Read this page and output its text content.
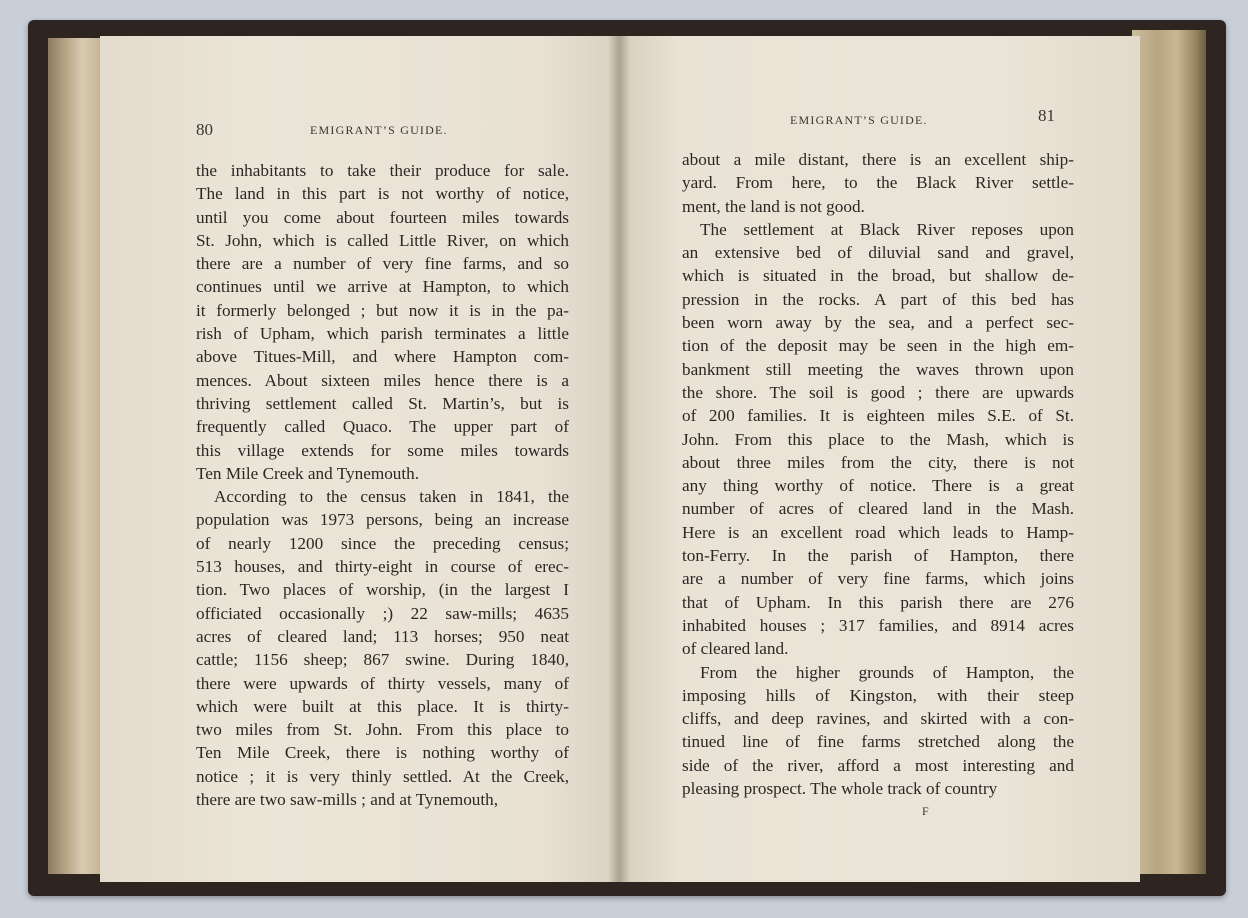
80	EMIGRANT’S GUIDE.
the inhabitants to take their produce for sale.
The land in this part is not worthy of notice,
until you come about fourteen miles towards
St. John, which is called Little River, on which
there are a number of very fine farms, and so
continues until we arrive at Hampton, to which
it formerly belonged ; but now it is in the pa-
rish of Upham, which parish terminates a little
above Titues-Mill, and where Hampton com-
mences. About sixteen miles hence there is a
thriving settlement called St. Martin’s, but is
frequently called Quaco. The upper part of
this village extends for some miles towards
Ten Mile Creek and Tynemouth.
According to the census taken in 1841, the
population was 1973 persons, being an increase
of nearly 1200 since the preceding census;
513 houses, and thirty-eight in course of erec-
tion. Two places of worship, (in the largest I
officiated occasionally ;) 22 saw-mills; 4635
acres of cleared land; 113 horses; 950 neat
cattle; 1156 sheep; 867 swine. During 1840,
there were upwards of thirty vessels, many of
which were built at this place. It is thirty-
two miles from St. John. From this place to
Ten Mile Creek, there is nothing worthy of
notice ; it is very thinly settled. At the Creek,
there are two saw-mills ; and at Tynemouth,
EMIGRANT’S GUIDE.	81
about a mile distant, there is an excellent ship-
yard. From here, to the Black River settle-
ment, the land is not good.
The settlement at Black River reposes upon
an extensive bed of diluvial sand and gravel,
which is situated in the broad, but shallow de-
pression in the rocks. A part of this bed has
been worn away by the sea, and a perfect sec-
tion of the deposit may be seen in the high em-
bankment still meeting the waves thrown upon
the shore. The soil is good ; there are upwards
of 200 families. It is eighteen miles S.E. of St.
John. From this place to the Mash, which is
about three miles from the city, there is not
any thing worthy of notice. There is a great
number of acres of cleared land in the Mash.
Here is an excellent road which leads to Hamp-
ton-Ferry. In the parish of Hampton, there
are a number of very fine farms, which joins
that of Upham. In this parish there are 276
inhabited houses ; 317 families, and 8914 acres
of cleared land.
From the higher grounds of Hampton, the
imposing hills of Kingston, with their steep
cliffs, and deep ravines, and skirted with a con-
tinued line of fine farms stretched along the
side of the river, afford a most interesting and
pleasing prospect. The whole track of country
F
